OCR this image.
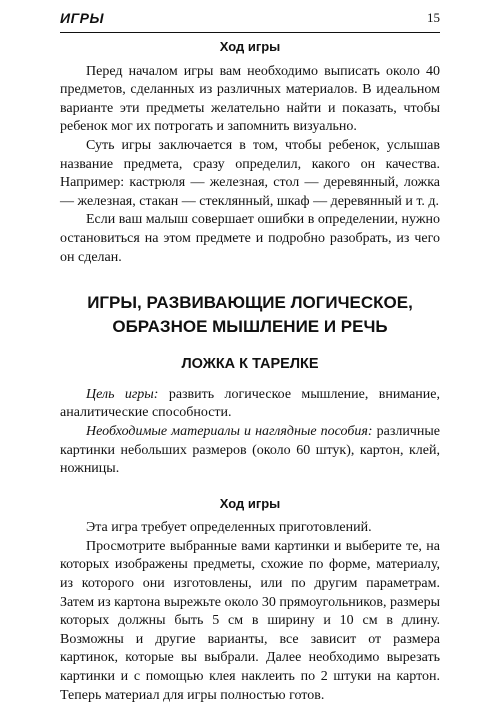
ИГРЫ	15

Ход игры

Перед началом игры вам необходимо выписать около 40 предметов, сделанных из различных материалов. В идеальном варианте эти предметы желательно найти и показать, чтобы ребенок мог их потрогать и запомнить визуально.

Суть игры заключается в том, чтобы ребенок, услышав название предмета, сразу определил, какого он качества. Например: кастрюля — железная, стол — деревянный, ложка — железная, стакан — стеклянный, шкаф — деревянный и т. д.

Если ваш малыш совершает ошибки в определении, нужно остановиться на этом предмете и подробно разобрать, из чего он сделан.

ИГРЫ, РАЗВИВАЮЩИЕ ЛОГИЧЕСКОЕ,
ОБРАЗНОЕ МЫШЛЕНИЕ И РЕЧЬ
ЛОЖКА К ТАРЕЛКЕ

Цель игры: развить логическое мышление, внимание, аналитические способности.

Необходимые материалы и наглядные пособия: различные картинки небольших размеров (около 60 штук), картон, клей, ножницы.

Ход игры

Эта игра требует определенных приготовлений.

Просмотрите выбранные вами картинки и выберите те, на которых изображены предметы, схожие по форме, материалу, из которого они изготовлены, или по другим параметрам. Затем из картона вырежьте около 30 прямоугольников, размеры которых должны быть 5 см в ширину и 10 см в длину. Возможны и другие варианты, все зависит от размера картинок, которые вы выбрали. Далее необходимо вырезать картинки и с помощью клея наклеить по 2 штуки на картон. Теперь материал для игры полностью готов.
